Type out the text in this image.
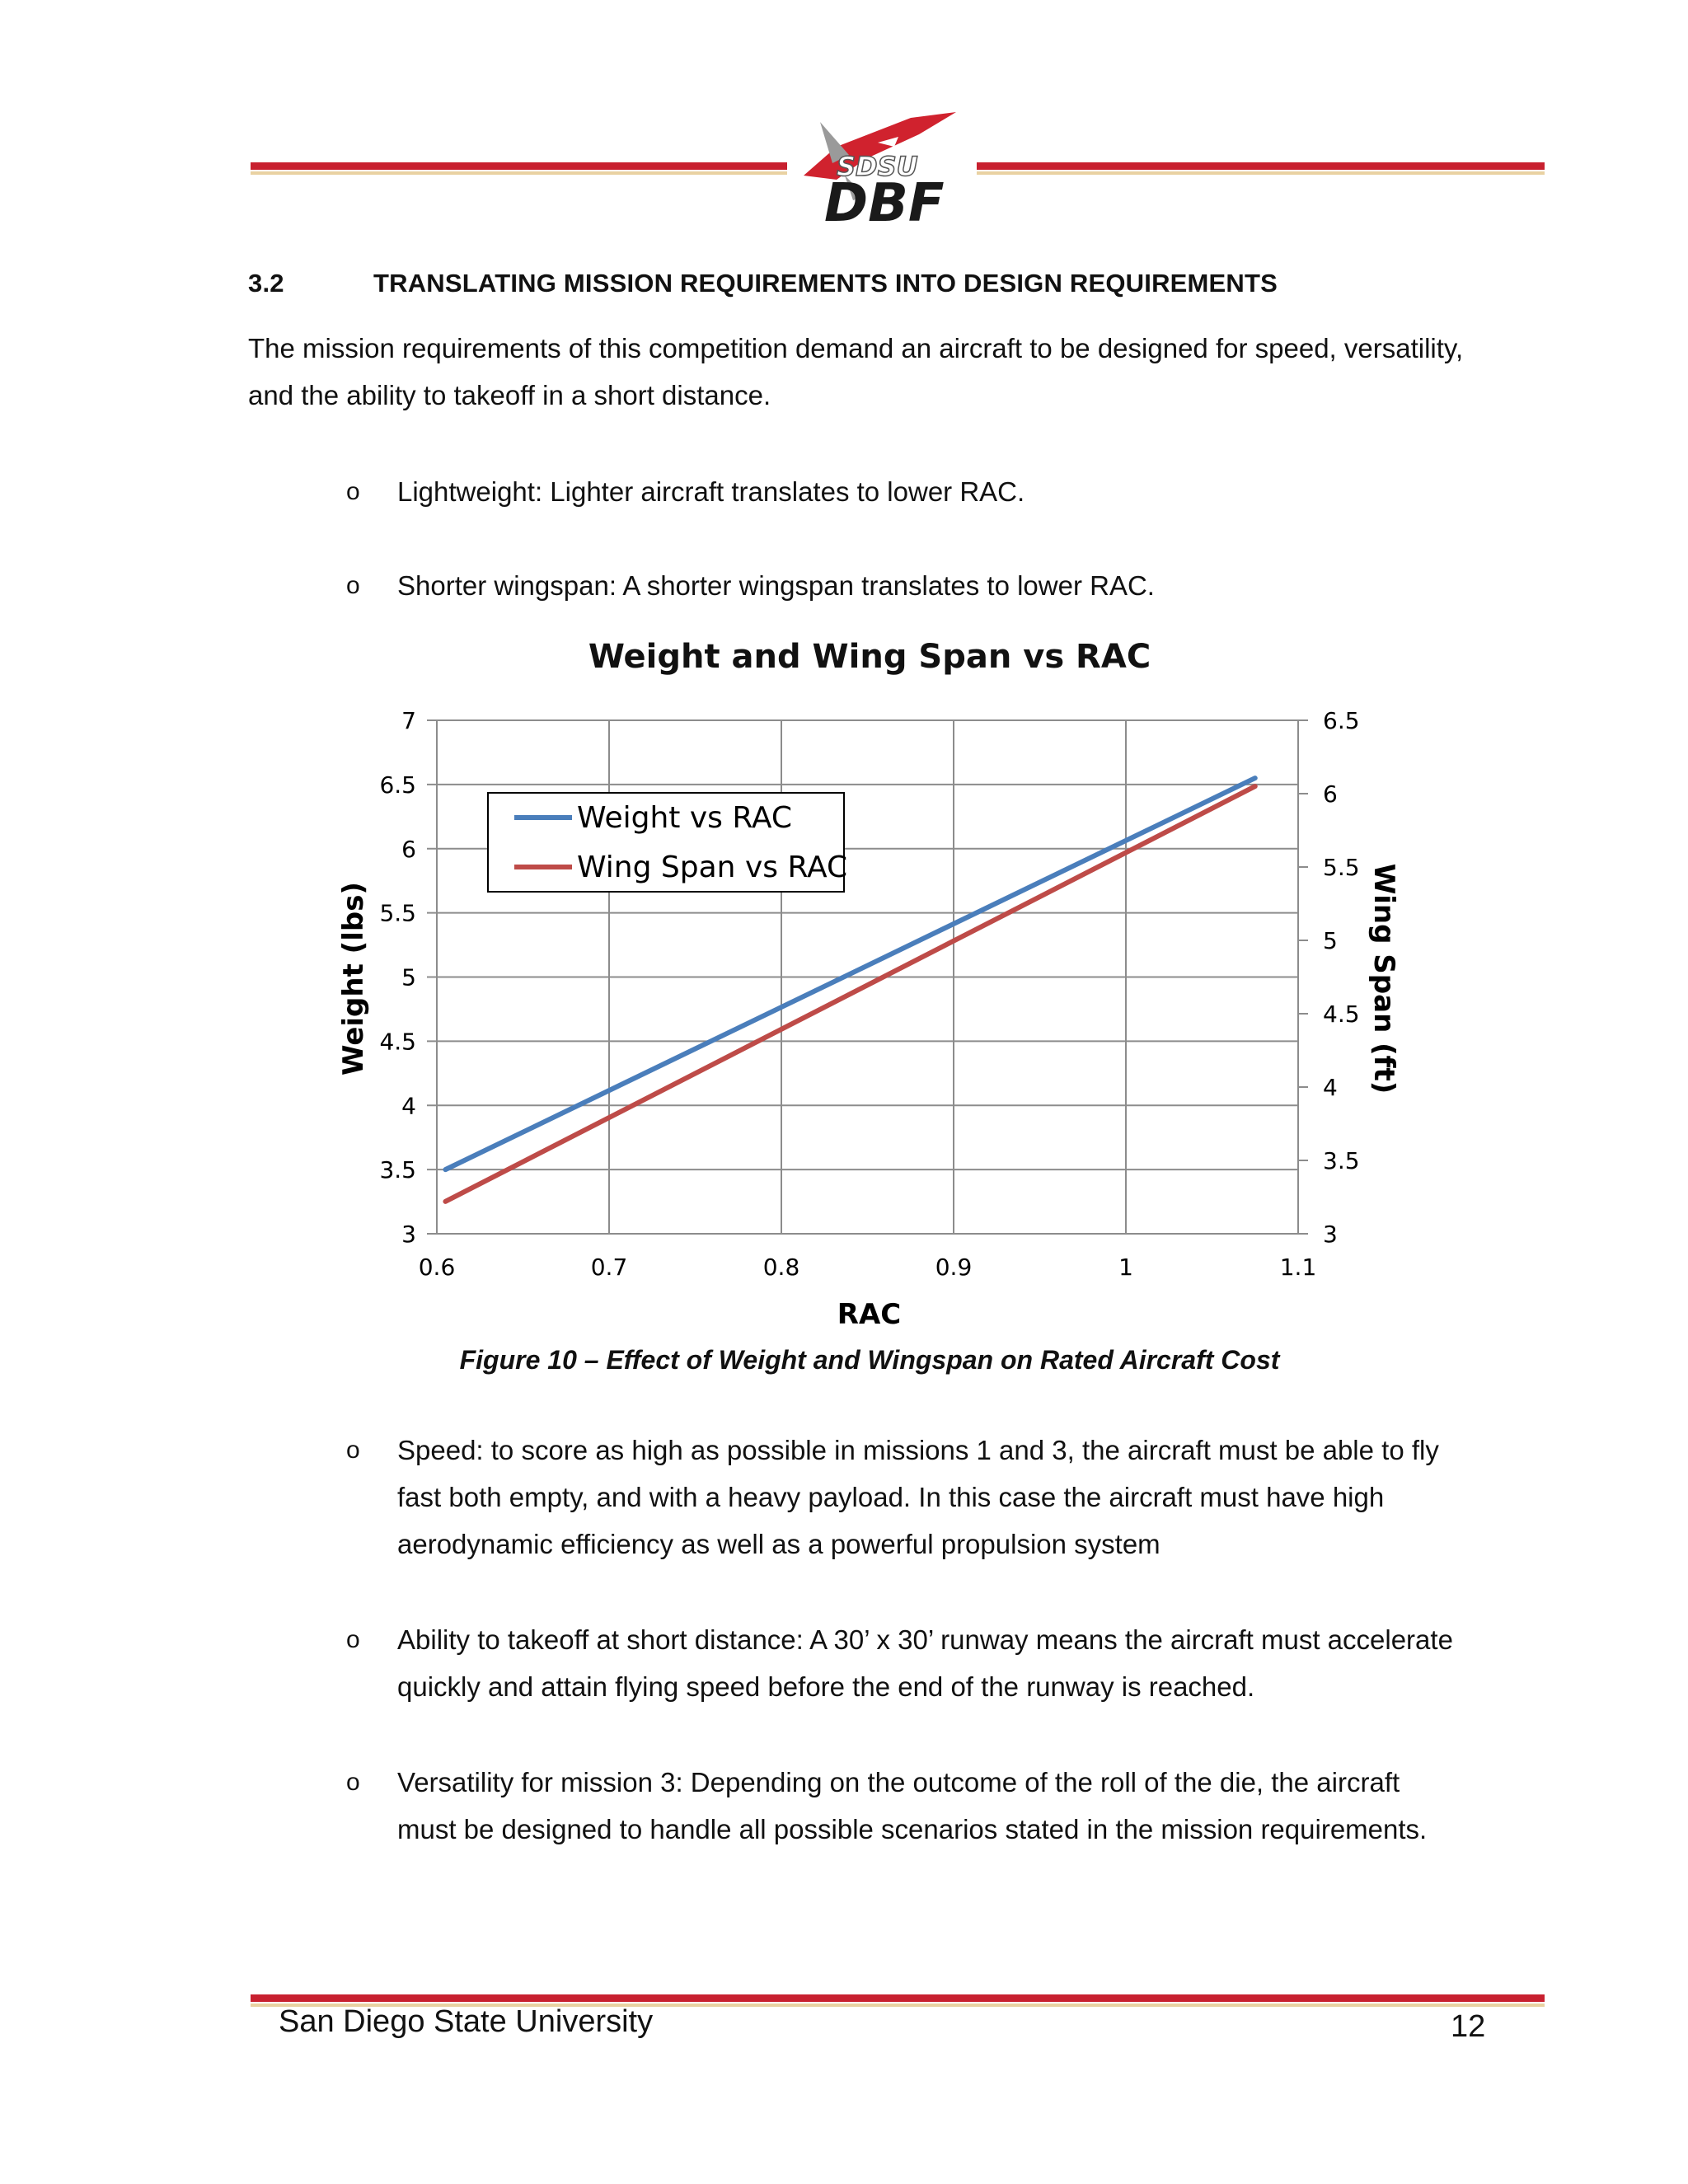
SDSU
DBF
3.2	TRANSLATING MISSION REQUIREMENTS INTO DESIGN REQUIREMENTS
The mission requirements of this competition demand an aircraft to be designed for speed, versatility,
and the ability to takeoff in a short distance.
o Lightweight: Lighter aircraft translates to lower RAC.
o Shorter wingspan: A shorter wingspan translates to lower RAC.
Weight and Wing Span vs RAC
0.6	0.7	0.8	0.9	1	1.1
3
3.5
4
4.5
5
5.5
6
6.5
7
3
3.5
4
4.5
5
5.5
6
6.5
Weight vs RAC
Wing Span vs RAC
RAC
Weight (lbs)	Wing Span (ft)
Figure 10 – Effect of Weight and Wingspan on Rated Aircraft Cost
o Speed: to score as high as possible in missions 1 and 3, the aircraft must be able to fly
fast both empty, and with a heavy payload. In this case the aircraft must have high
aerodynamic efficiency as well as a powerful propulsion system
o Ability to takeoff at short distance: A 30’ x 30’ runway means the aircraft must accelerate
quickly and attain flying speed before the end of the runway is reached.
o Versatility for mission 3: Depending on the outcome of the roll of the die, the aircraft
must be designed to handle all possible scenarios stated in the mission requirements.
San Diego State University	12
